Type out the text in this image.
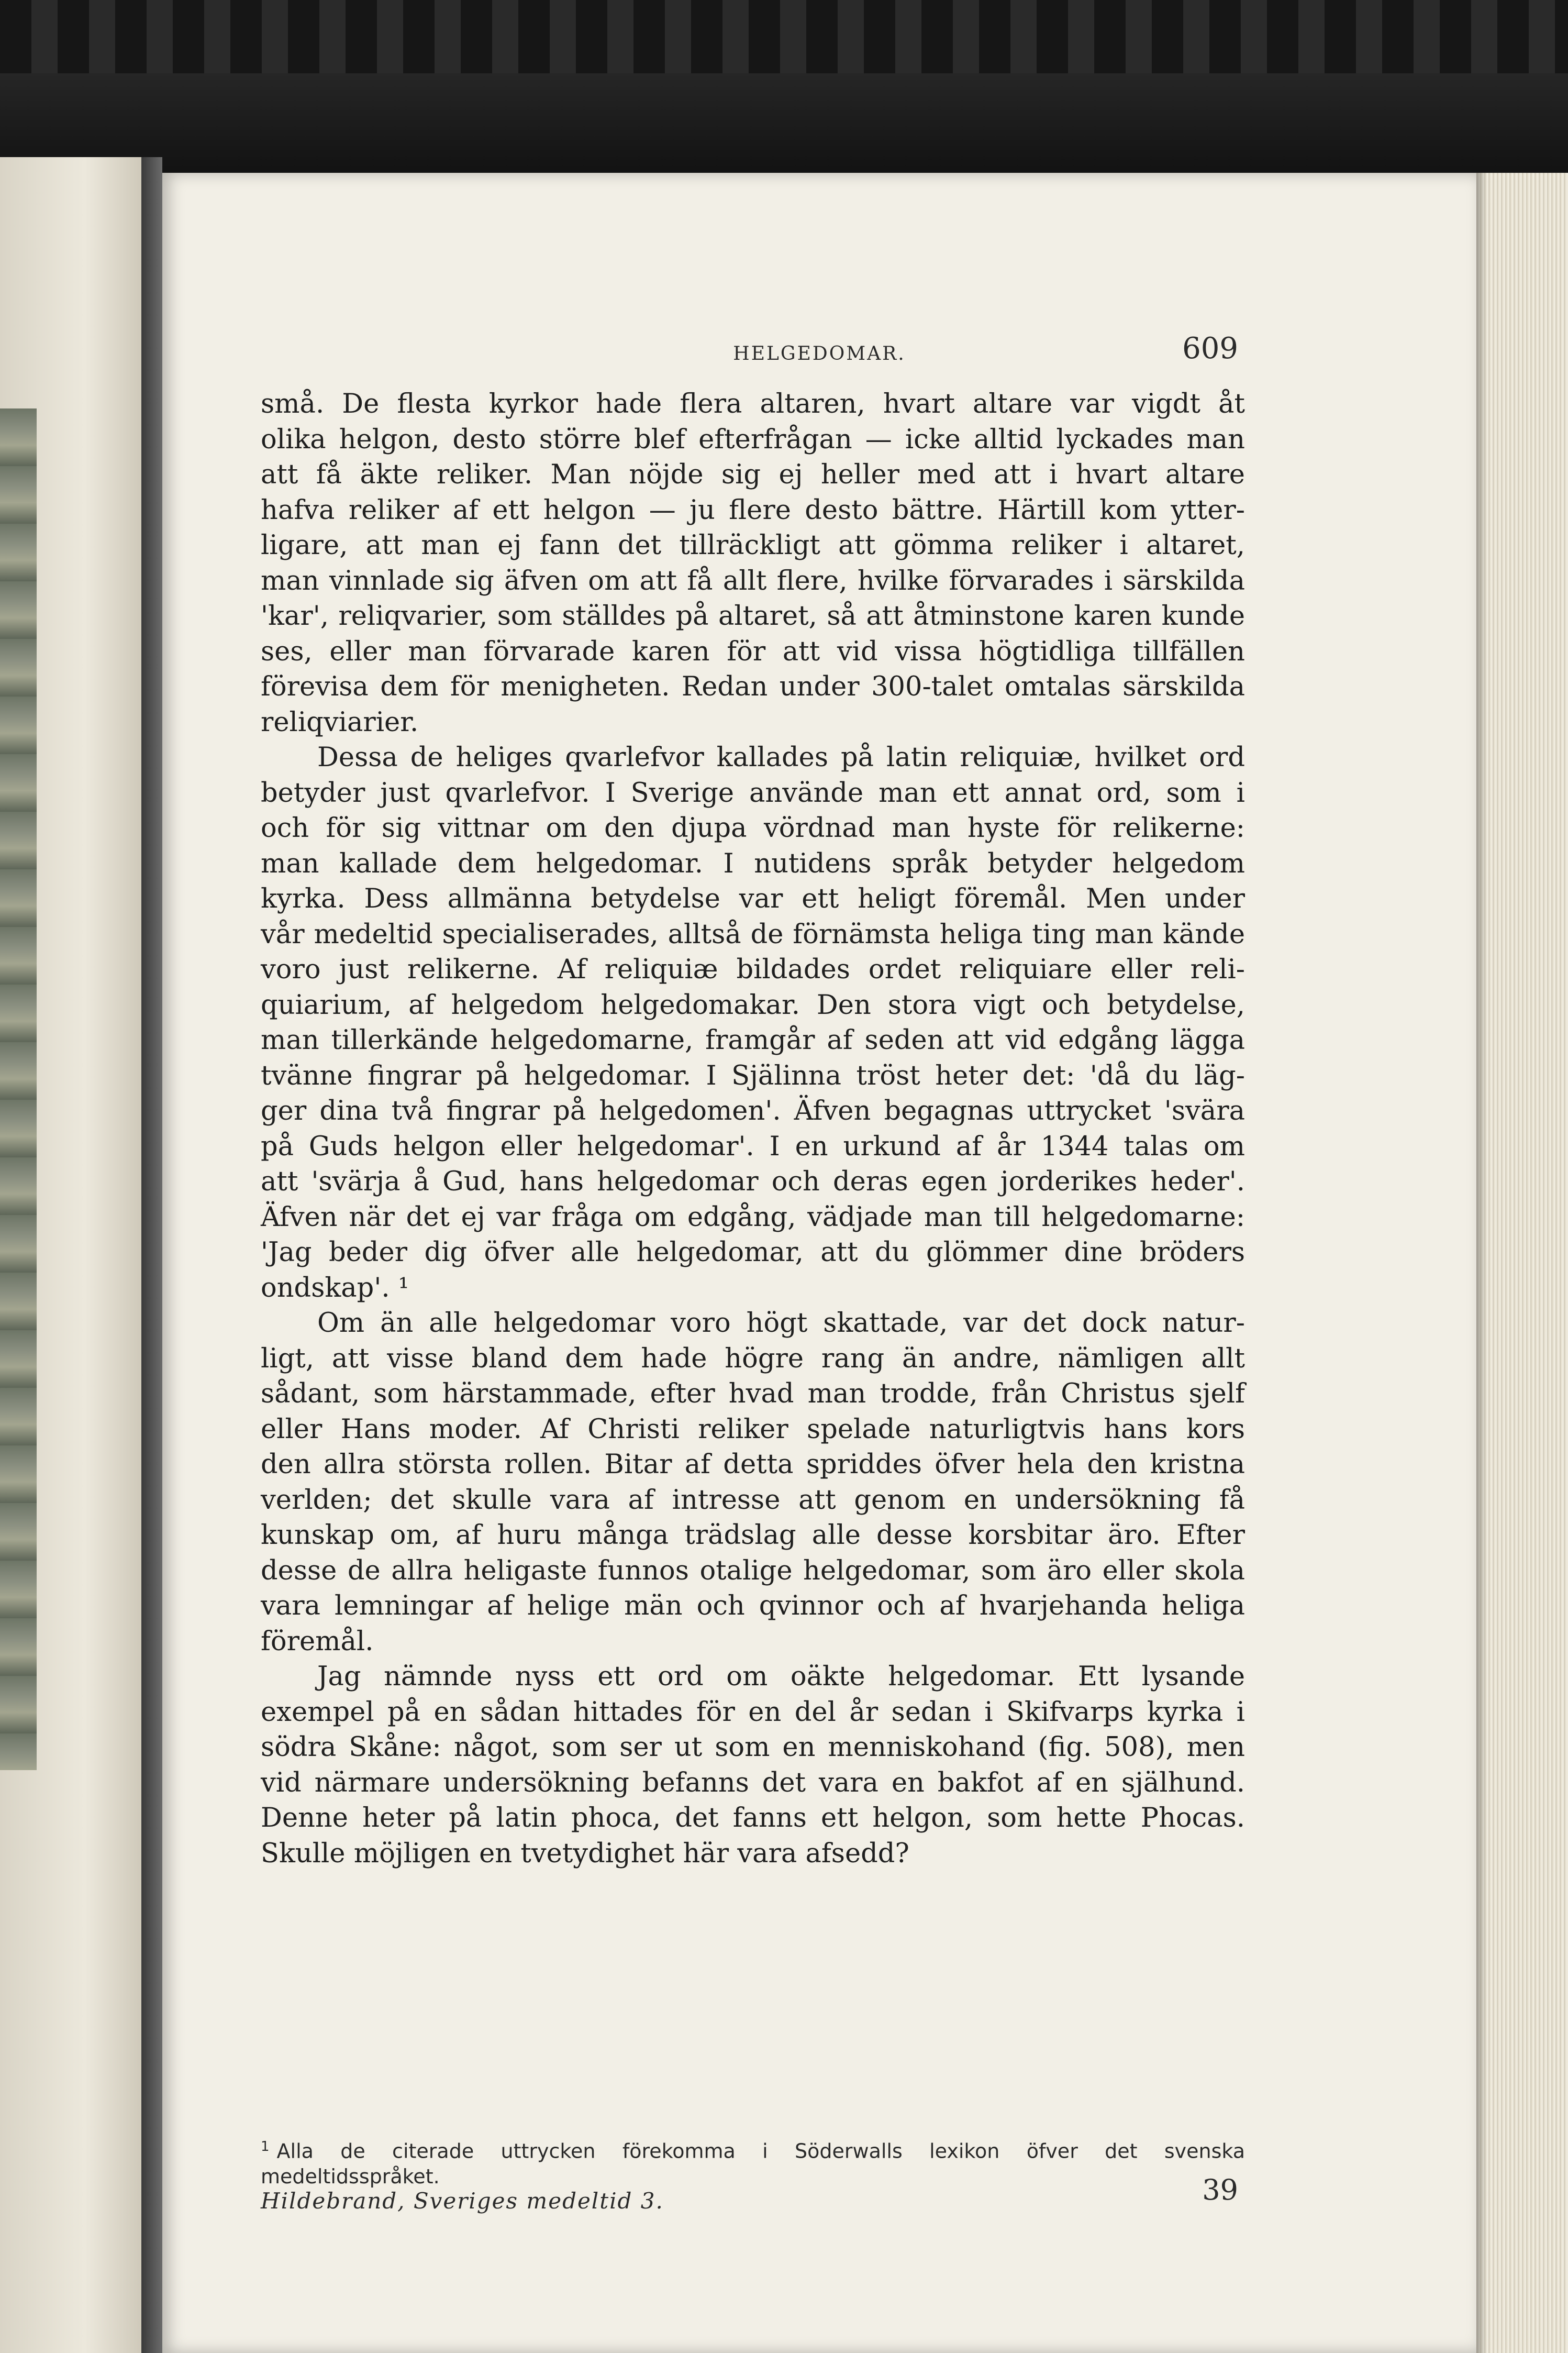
HELGEDOMAR.	609
små. De flesta kyrkor hade flera altaren, hvart altare var vigdt åt
olika helgon, desto större blef efterfrågan — icke alltid lyckades man
att få äkte reliker. Man nöjde sig ej heller med att i hvart altare
hafva reliker af ett helgon — ju flere desto bättre. Härtill kom ytter-
ligare, att man ej fann det tillräckligt att gömma reliker i altaret,
man vinnlade sig äfven om att få allt flere, hvilke förvarades i särskilda
'kar', reliqvarier, som ställdes på altaret, så att åtminstone karen kunde
ses, eller man förvarade karen för att vid vissa högtidliga tillfällen
förevisa dem för menigheten. Redan under 300-talet omtalas särskilda
reliqviarier.
Dessa de heliges qvarlefvor kallades på latin reliquiæ, hvilket ord
betyder just qvarlefvor. I Sverige använde man ett annat ord, som i
och för sig vittnar om den djupa vördnad man hyste för relikerne:
man kallade dem helgedomar. I nutidens språk betyder helgedom
kyrka. Dess allmänna betydelse var ett heligt föremål. Men under
vår medeltid specialiserades, alltså de förnämsta heliga ting man kände
voro just relikerne. Af reliquiæ bildades ordet reliquiare eller reli-
quiarium, af helgedom helgedomakar. Den stora vigt och betydelse,
man tillerkände helgedomarne, framgår af seden att vid edgång lägga
tvänne fingrar på helgedomar. I Själinna tröst heter det: 'då du läg-
ger dina två fingrar på helgedomen'. Äfven begagnas uttrycket 'svära
på Guds helgon eller helgedomar'. I en urkund af år 1344 talas om
att 'svärja å Gud, hans helgedomar och deras egen jorderikes heder'.
Äfven när det ej var fråga om edgång, vädjade man till helgedomarne:
'Jag beder dig öfver alle helgedomar, att du glömmer dine bröders
ondskap'. ¹
Om än alle helgedomar voro högt skattade, var det dock natur-
ligt, att visse bland dem hade högre rang än andre, nämligen allt
sådant, som härstammade, efter hvad man trodde, från Christus sjelf
eller Hans moder. Af Christi reliker spelade naturligtvis hans kors
den allra största rollen. Bitar af detta spriddes öfver hela den kristna
verlden; det skulle vara af intresse att genom en undersökning få
kunskap om, af huru många trädslag alle desse korsbitar äro. Efter
desse de allra heligaste funnos otalige helgedomar, som äro eller skola
vara lemningar af helige män och qvinnor och af hvarjehanda heliga
föremål.
Jag nämnde nyss ett ord om oäkte helgedomar. Ett lysande
exempel på en sådan hittades för en del år sedan i Skifvarps kyrka i
södra Skåne: något, som ser ut som en menniskohand (fig. 508), men
vid närmare undersökning befanns det vara en bakfot af en själhund.
Denne heter på latin phoca, det fanns ett helgon, som hette Phocas.
Skulle möjligen en tvetydighet här vara afsedd?
$^1$ Alla de citerade uttrycken förekomma i Söderwalls lexikon öfver det svenska
medeltidsspråket.
Hildebrand, Sveriges medeltid 3.	39
